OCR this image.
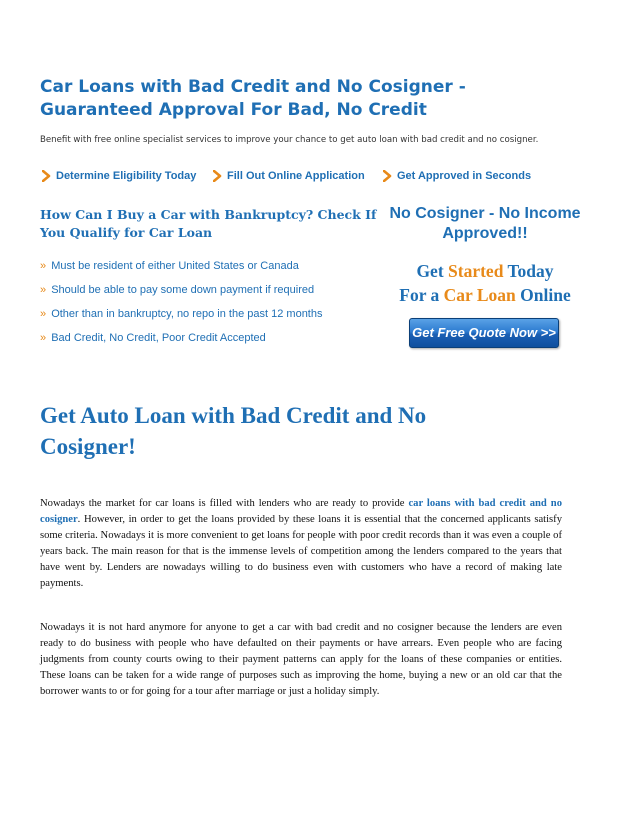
Car Loans with Bad Credit and No Cosigner - Guaranteed Approval For Bad, No Credit

Benefit with free online specialist services to improve your chance to get auto loan with bad credit and no cosigner.

Determine Eligibility Today	Fill Out Online Application	Get Approved in Seconds
How Can I Buy a Car with Bankruptcy? Check If You Qualify for Car Loan
No Cosigner - No Income Approved!!
» Must be resident of either United States or Canada
» Should be able to pay some down payment if required
» Other than in bankruptcy, no repo in the past 12 months
» Bad Credit, No Credit, Poor Credit Accepted
Get Started Today
For a Car Loan Online
Get Free Quote Now >>
Get Auto Loan with Bad Credit and No Cosigner!

Nowadays the market for car loans is filled with lenders who are ready to provide car loans with bad credit and no cosigner. However, in order to get the loans provided by these loans it is essential that the concerned applicants satisfy some criteria. Nowadays it is more convenient to get loans for people with poor credit records than it was even a couple of years back. The main reason for that is the immense levels of competition among the lenders compared to the years that have went by. Lenders are nowadays willing to do business even with customers who have a record of making late payments.

Nowadays it is not hard anymore for anyone to get a car with bad credit and no cosigner because the lenders are even ready to do business with people who have defaulted on their payments or have arrears. Even people who are facing judgments from county courts owing to their payment patterns can apply for the loans of these companies or entities. These loans can be taken for a wide range of purposes such as improving the home, buying a new or an old car that the borrower wants to or for going for a tour after marriage or just a holiday simply.
